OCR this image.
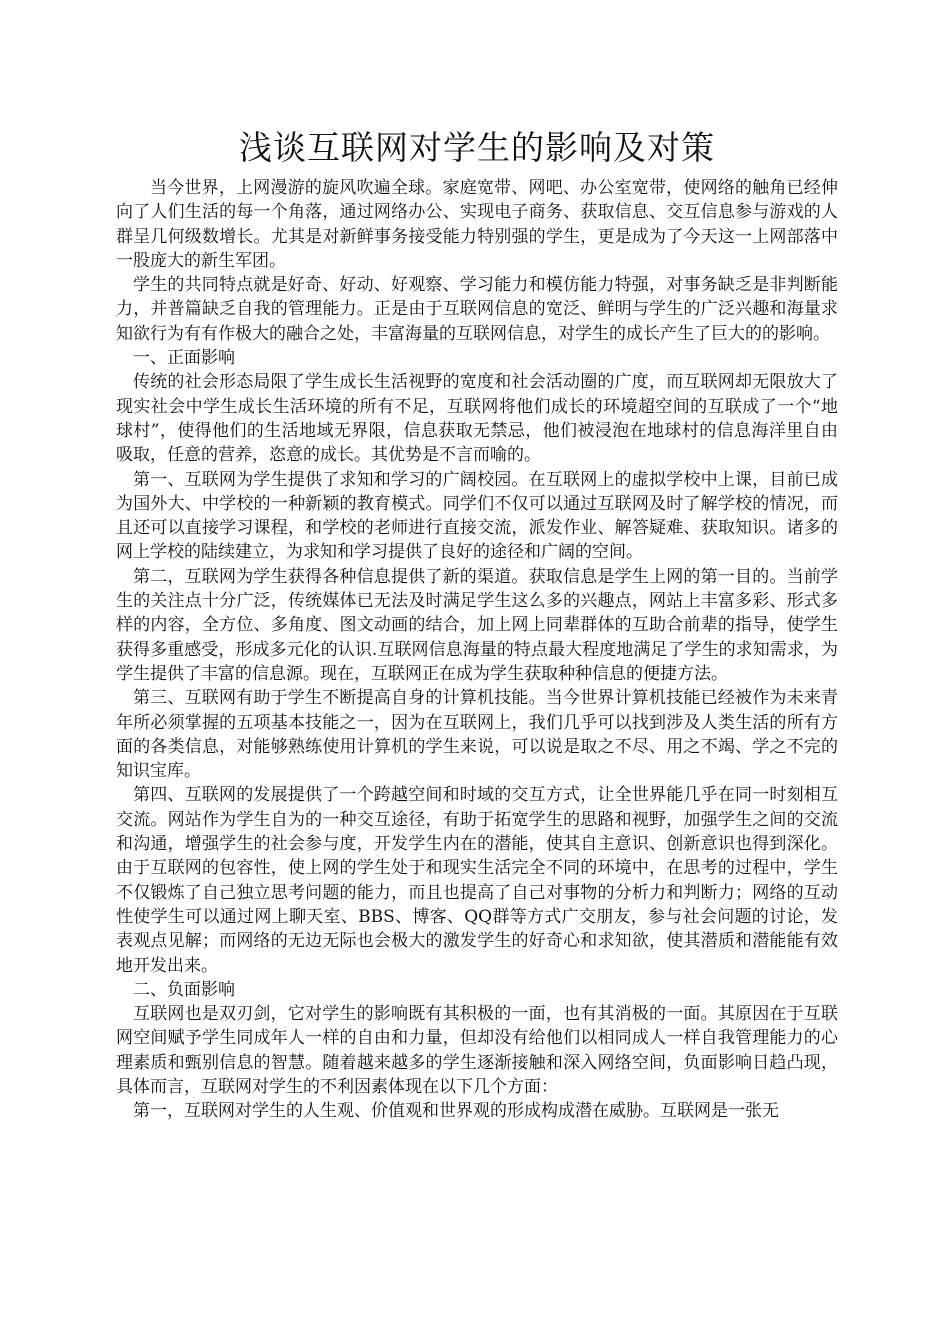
浅谈互联网对学生的影响及对策

当今世界，上网漫游的旋风吹遍全球。家庭宽带、网吧、办公室宽带，使网络的触角已经伸向了人们生活的每一个角落，通过网络办公、实现电子商务、获取信息、交互信息参与游戏的人群呈几何级数增长。尤其是对新鲜事务接受能力特别强的学生，更是成为了今天这一上网部落中一股庞大的新生军团。

学生的共同特点就是好奇、好动、好观察、学习能力和模仿能力特强，对事务缺乏是非判断能力，并普篇缺乏自我的管理能力。正是由于互联网信息的宽泛、鲜明与学生的广泛兴趣和海量求知欲行为有有作极大的融合之处，丰富海量的互联网信息，对学生的成长产生了巨大的的影响。

一、正面影响

传统的社会形态局限了学生成长生活视野的宽度和社会活动圈的广度，而互联网却无限放大了现实社会中学生成长生活环境的所有不足，互联网将他们成长的环境超空间的互联成了一个“地球村”，使得他们的生活地域无界限，信息获取无禁忌，他们被浸泡在地球村的信息海洋里自由吸取，任意的营养，恣意的成长。其优势是不言而喻的。

第一、互联网为学生提供了求知和学习的广阔校园。在互联网上的虚拟学校中上课，目前已成为国外大、中学校的一种新颖的教育模式。同学们不仅可以通过互联网及时了解学校的情况，而且还可以直接学习课程，和学校的老师进行直接交流，派发作业、解答疑难、获取知识。诸多的网上学校的陆续建立，为求知和学习提供了良好的途径和广阔的空间。

第二，互联网为学生获得各种信息提供了新的渠道。获取信息是学生上网的第一目的。当前学生的关注点十分广泛，传统媒体已无法及时满足学生这么多的兴趣点，网站上丰富多彩、形式多样的内容，全方位、多角度、图文动画的结合，加上网上同辈群体的互助合前辈的指导，使学生获得多重感受，形成多元化的认识.互联网信息海量的特点最大程度地满足了学生的求知需求，为学生提供了丰富的信息源。现在，互联网正在成为学生获取种种信息的便捷方法。

第三、互联网有助于学生不断提高自身的计算机技能。当今世界计算机技能已经被作为未来青年所必须掌握的五项基本技能之一，因为在互联网上，我们几乎可以找到涉及人类生活的所有方面的各类信息，对能够熟练使用计算机的学生来说，可以说是取之不尽、用之不竭、学之不完的知识宝库。

第四、互联网的发展提供了一个跨越空间和时域的交互方式，让全世界能几乎在同一时刻相互交流。网站作为学生自为的一种交互途径，有助于拓宽学生的思路和视野，加强学生之间的交流和沟通，增强学生的社会参与度，开发学生内在的潜能，使其自主意识、创新意识也得到深化。由于互联网的包容性，使上网的学生处于和现实生活完全不同的环境中，在思考的过程中，学生不仅锻炼了自己独立思考问题的能力，而且也提高了自己对事物的分析力和判断力；网络的互动性使学生可以通过网上聊天室、BBS、博客、QQ群等方式广交朋友，参与社会问题的讨论，发表观点见解；而网络的无边无际也会极大的激发学生的好奇心和求知欲，使其潜质和潜能能有效地开发出来。

二、负面影响

互联网也是双刃剑，它对学生的影响既有其积极的一面，也有其消极的一面。其原因在于互联网空间赋予学生同成年人一样的自由和力量，但却没有给他们以相同成人一样自我管理能力的心理素质和甄别信息的智慧。随着越来越多的学生逐渐接触和深入网络空间，负面影响日趋凸现，具体而言，互联网对学生的不利因素体现在以下几个方面：

第一，互联网对学生的人生观、价值观和世界观的形成构成潜在威胁。互联网是一张无
